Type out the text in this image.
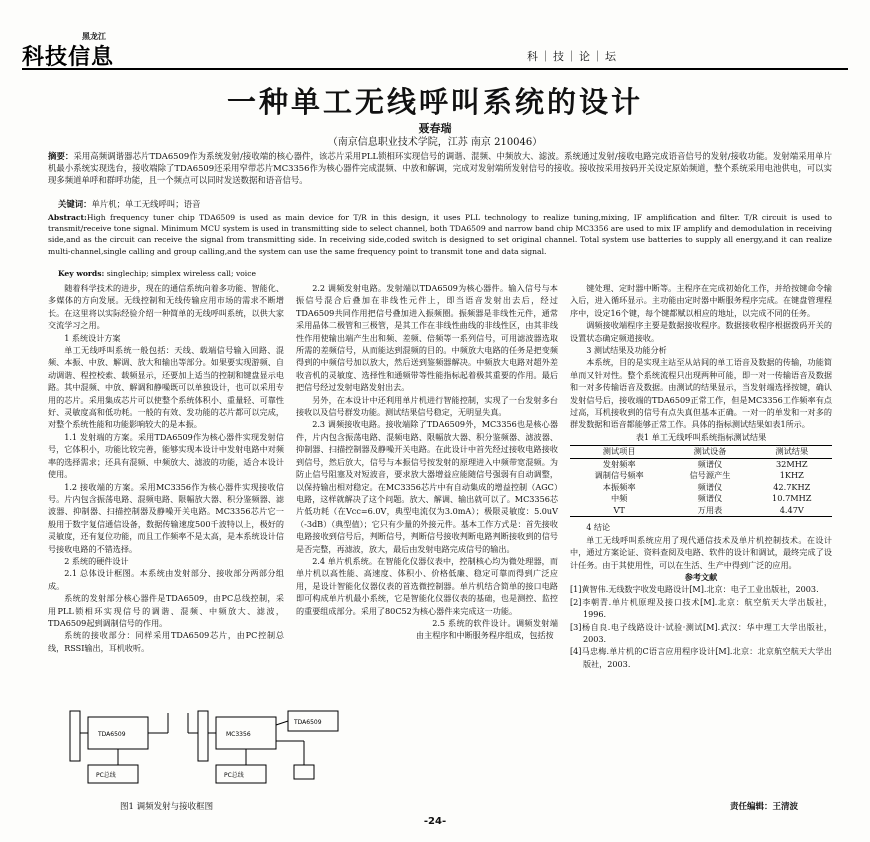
黑龙江
科技信息	科｜技｜论｜坛
一种单工无线呼叫系统的设计
聂春瑞
（南京信息职业技术学院，江苏 南京 210046）
摘要：采用高频调谐器芯片TDA6509作为系统发射/接收端的核心器件，该芯片采用PLL锁相环实现信号的调谐、混频、中频放大、滤波。系统通过发射/接收电路完成语音信号的发射/接收功能。发射端采用单片机最小系统实现选台，接收端除了TDA6509还采用窄带芯片MC3356作为核心器件完成混频、中放和解调，完成对发射端所发射信号的接收。接收按采用按码开关设定原始频道，整个系统采用电池供电，可以实现多频道单呼和群呼功能，且一个频点可以同时发送数据和语音信号。
关键词：单片机；单工无线呼叫；语音
Abstract:High frequency tuner chip TDA6509 is used as main device for T/R in this design, it uses PLL technology to realize tuning,mixing, IF amplification and filter. T/R circuit is used to transmit/receive tone signal. Minimum MCU system is used in transmitting side to select channel, both TDA6509 and narrow band chip MC3356 are used to mix IF amplify and demodulation in receiving side,and as the circuit can receive the signal from transmitting side. In receiving side,coded switch is designed to set original channel. Total system use batteries to supply all energy,and it can realize multi-channel,single calling and group calling,and the system can use the same frequency point to transmit tone and data signal.
Key words: singlechip; simplex wireless call; voice

随着科学技术的进步，现在的通信系统向着多功能、智能化、多媒体的方向发展。无线控制和无线传输应用市场的需求不断增长。在这里将以实际经验介绍一种简单的无线呼叫系统，以供大家交流学习之用。

1 系统设计方案

单工无线呼叫系统一般包括：天线、载端信号输入回路、混频、本振、中放、解调、放大和输出等部分。如果要实现游频、自动调谐、程控校索、载频显示，还要加上适当的控制和键盘显示电路。其中混频、中放、解调和静噪既可以单独设计，也可以采用专用的芯片。采用集成芯片可以使整个系统体积小、重量轻、可靠性好、灵敏度高和低功耗。一般的有效、发功能的芯片都可以完成，对整个系统性能和功能影响较大的是本振。

1.1 发射端的方案。采用TDA6509作为核心器件实现发射信号，它体积小，功能比较完善，能够实现本设计中发射电路中对频率的选择需求；还具有混频、中频放大、滤波的功能，适合本设计使用。

1.2 接收端的方案。采用MC3356作为核心器件实现接收信号。片内包含振荡电路、混频电路、限幅放大器、积分鉴频器、滤波器、抑制器、扫描控制器及静噪开关电路。MC3356芯片它一般用于数字复信通信设备，数据传输速度500千波特以上，极好的灵敏度，还有复位功能，而且工作频率不是太高，是本系统设计信号接收电路的不错选择。

2 系统的硬件设计

2.1 总体设计框图。本系统由发射部分、接收部分两部分组成。

系统的发射部分核心器件是TDA6509，由PC总线控制，采用PLL锁相环实现信号的调谐、混频、中频放大、滤波，TDA6509起到调制信号的作用。

系统的接收部分：同样采用TDA6509芯片，由PC控制总线，RSSI输出，耳机收听。

2.2 调频发射电路。发射端以TDA6509为核心器件。输入信号与本振信号混合后叠加在非线性元件上，即当语音发射出去后，经过TDA6509共同作用把信号叠加进入振频圈。振频器是非线性元件，通常采用晶体二极管和三极管，是其工作在非线性曲线的非线性区，由其非线性作用使输出端产生出和频、差频、倍频等一系列信号，可用滤波器选取所需的差频信号，从而能达到混频的目的。中频放大电路的任务是把变频得到的中频信号加以放大，然后送到鉴频器解决。中频放大电路对超外差收音机的灵敏度、选择性和通频带等性能指标起着极其重要的作用。最后把信号经过发射电路发射出去。

另外，在本设计中还利用单片机进行智能控制，实现了一台发射多台接收以及信号群发功能。测试结果信号稳定，无明显失真。

2.3 调频接收电路。接收端除了TDA6509外，MC3356也是核心器件，片内包含振荡电路、混频电路、限幅放大器、积分鉴频器、滤波器、抑制器、扫描控制器及静噪开关电路。在此设计中首先经过接收电路接收到信号，然后放大，信号与本振信号按发射的原理进入中频带宽混频。为防止信号阻塞及对短波音，要求放大器增益应能随信号强弱有自动调整，以保持输出相对稳定。在MC3356芯片中有自动集成的增益控制（AGC）电路，这样就解决了这个问题。放大、解调、输出就可以了。MC3356芯片低功耗（在Vcc=6.0V，典型电流仅为3.0mA）；极限灵敏度：5.0uV（-3dB）（典型值）；它只有少量的外接元件。基本工作方式是：首先接收电路接收到信号后，判断信号，判断信号接收判断电路判断接收到的信号是否完整，再滤波，放大，最后由发射电路完成信号的输出。

2.4 单片机系统。在智能化仪器仪表中，控制核心均为微处理器，而单片机以高性能、高速度、体积小、价格低廉、稳定可靠而得到广泛应用，是设计智能化仪器仪表的首选微控制器。单片机结合简单的接口电路即可构成单片机最小系统，它是智能化仪器仪表的基础，也是测控、监控的重要组成部分。采用了80C52为核心器件来完成这一功能。

2.5 系统的软件设计。调频发射端由主程序和中断服务程序组成，包括按

键处理、定时器中断等。主程序在完成初始化工作，并给按键命令输入后，进入循环显示。主功能由定时器中断服务程序完成。在键盘管理程序中，设定16个键，每个键都赋以相应的地址，以完成不同的任务。

调频接收端程序主要是数据接收程序。数据接收程序根据拨码开关的设置状态确定频道接收。

3 测试结果及功能分析

本系统，目的是实现主站至从站间的单工语音及数据的传输，功能简单而又针对性。整个系统流程只出现两种可能，即一对一传输语音及数据和一对多传输语音及数据。由测试的结果显示，当发射端选择按键，确认发射信号后，接收端的TDA6509正常工作，但是MC3356工作频率有点过高，耳机接收到的信号有点失真但基本正确。一对一的单发和一对多的群发数据和语音都能够正常工作。具体的指标测试结果如表1所示。

表1 单工无线呼叫系统指标测试结果

测试项目	测试设备	测试结果
发射频率	频谱仪	32MHZ
调制信号频率	信号源产生	1KHZ
本振频率	频谱仪	42.7KHZ
中频	频谱仪	10.7MHZ
VT	万用表	4.47V

4 结论

单工无线呼叫系统应用了现代通信技术及单片机控制技术。在设计中，通过方案论证、资料查阅及电路、软件的设计和调试，最终完成了设计任务。由于其使用性，可以在生活、生产中得到广泛的应用。

参考文献

[1]黄智伟.无线数字收发电路设计[M].北京：电子工业出版社，2003.

[2]李朝青.单片机原理及接口技术[M].北京：航空航天大学出版社，1996.

[3]杨自良.电子线路设计·试验·测试[M].武汉：华中理工大学出版社，2003.

[4]马忠梅.单片机的C语言应用程序设计[M].北京：北京航空航天大学出版社，2003.

TDA6509	MC3356
TDA6509
PC总线	PC总线
图1 调频发射与接收框图	责任编辑：王清波
-24-
